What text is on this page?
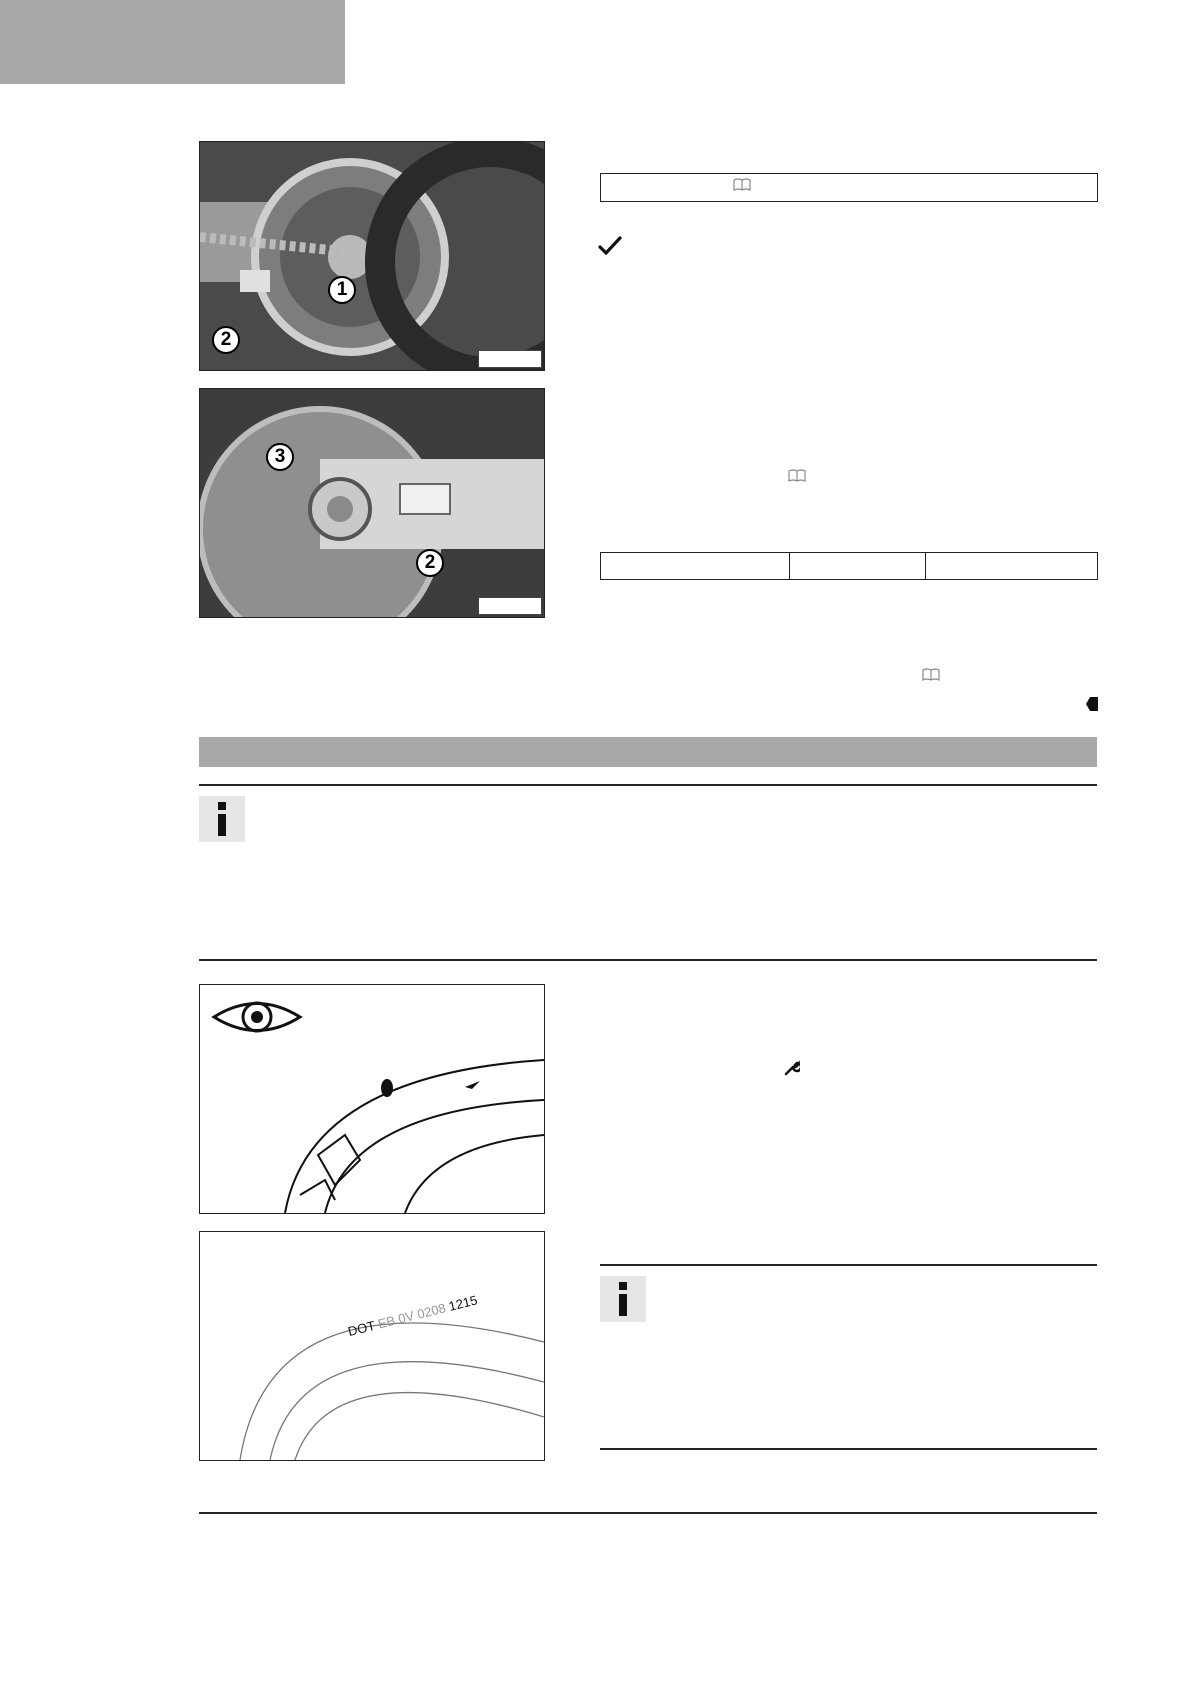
1
2
3
2

DOT EB 0V 0208 1215
